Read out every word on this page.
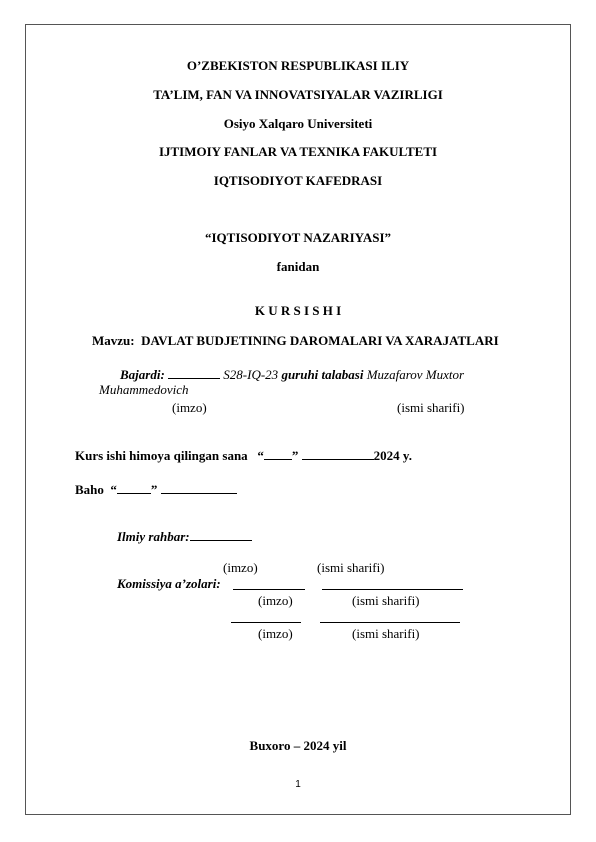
O’ZBEKISTON RESPUBLIKASI ILIY
TA’LIM, FAN VA INNOVATSIYALAR VAZIRLIGI
Osiyo Xalqaro Universiteti
IJTIMOIY FANLAR VA TEXNIKA FAKULTETI
IQTISODIYOT KAFEDRASI
“IQTISODIYOT NAZARIYASI”
fanidan
K U R S I S H I
Mavzu: DAVLAT BUDJETINING DAROMALARI VA XARAJATLARI
Bajardi:	S28-IQ-23 guruhi talabasi Muzafarov Muxtor
Muhammedovich
(imzo)	(ismi sharifi)
Kurs ishi himoya qilingan sana “ ”	2024 y.
Baho “	”
Ilmiy rahbar:
(imzo)	(ismi sharifi)
Komissiya a’zolari:
(imzo)	(ismi sharifi)
(imzo)	(ismi sharifi)
Buxoro – 2024 yil
1
